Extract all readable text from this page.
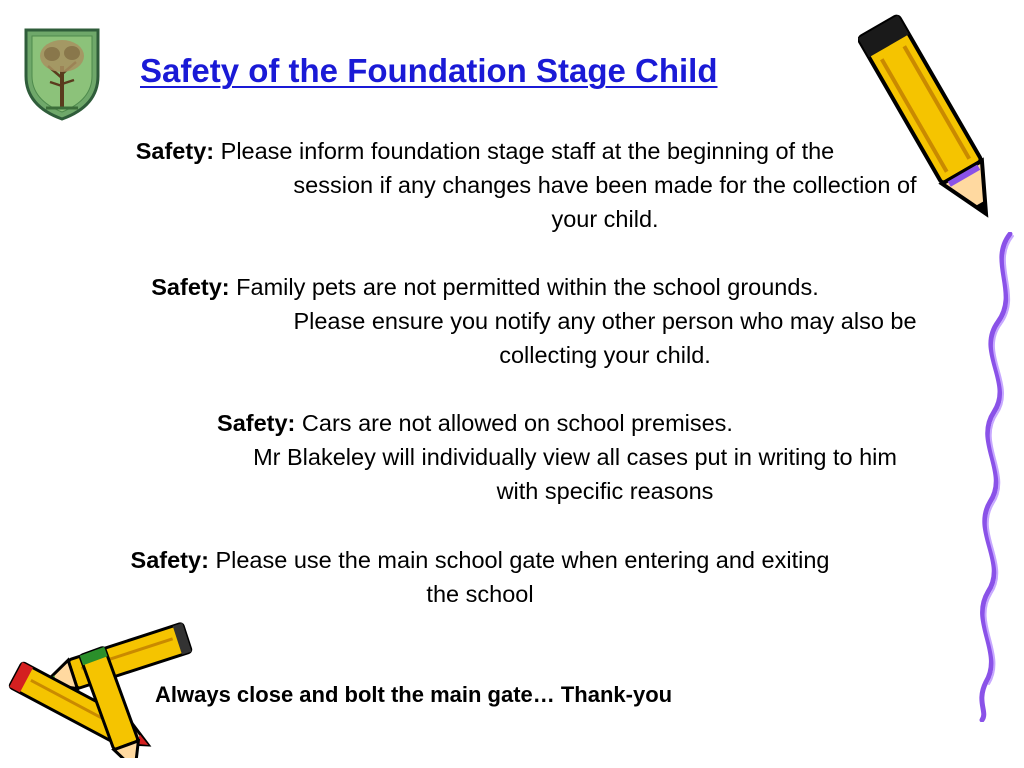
Safety of the Foundation Stage Child
Safety: Please inform foundation stage staff at the beginning of the
session if any changes have been made for the collection of
your child.
Safety: Family pets are not permitted within the school grounds.
Please ensure you notify any other person who may also be
collecting your child.
Safety: Cars are not allowed on school premises.
Mr Blakeley will individually view all cases put in writing to him
with specific reasons
Safety: Please use the main school gate when entering and exiting
the school
Always close and bolt the main gate… Thank-you
